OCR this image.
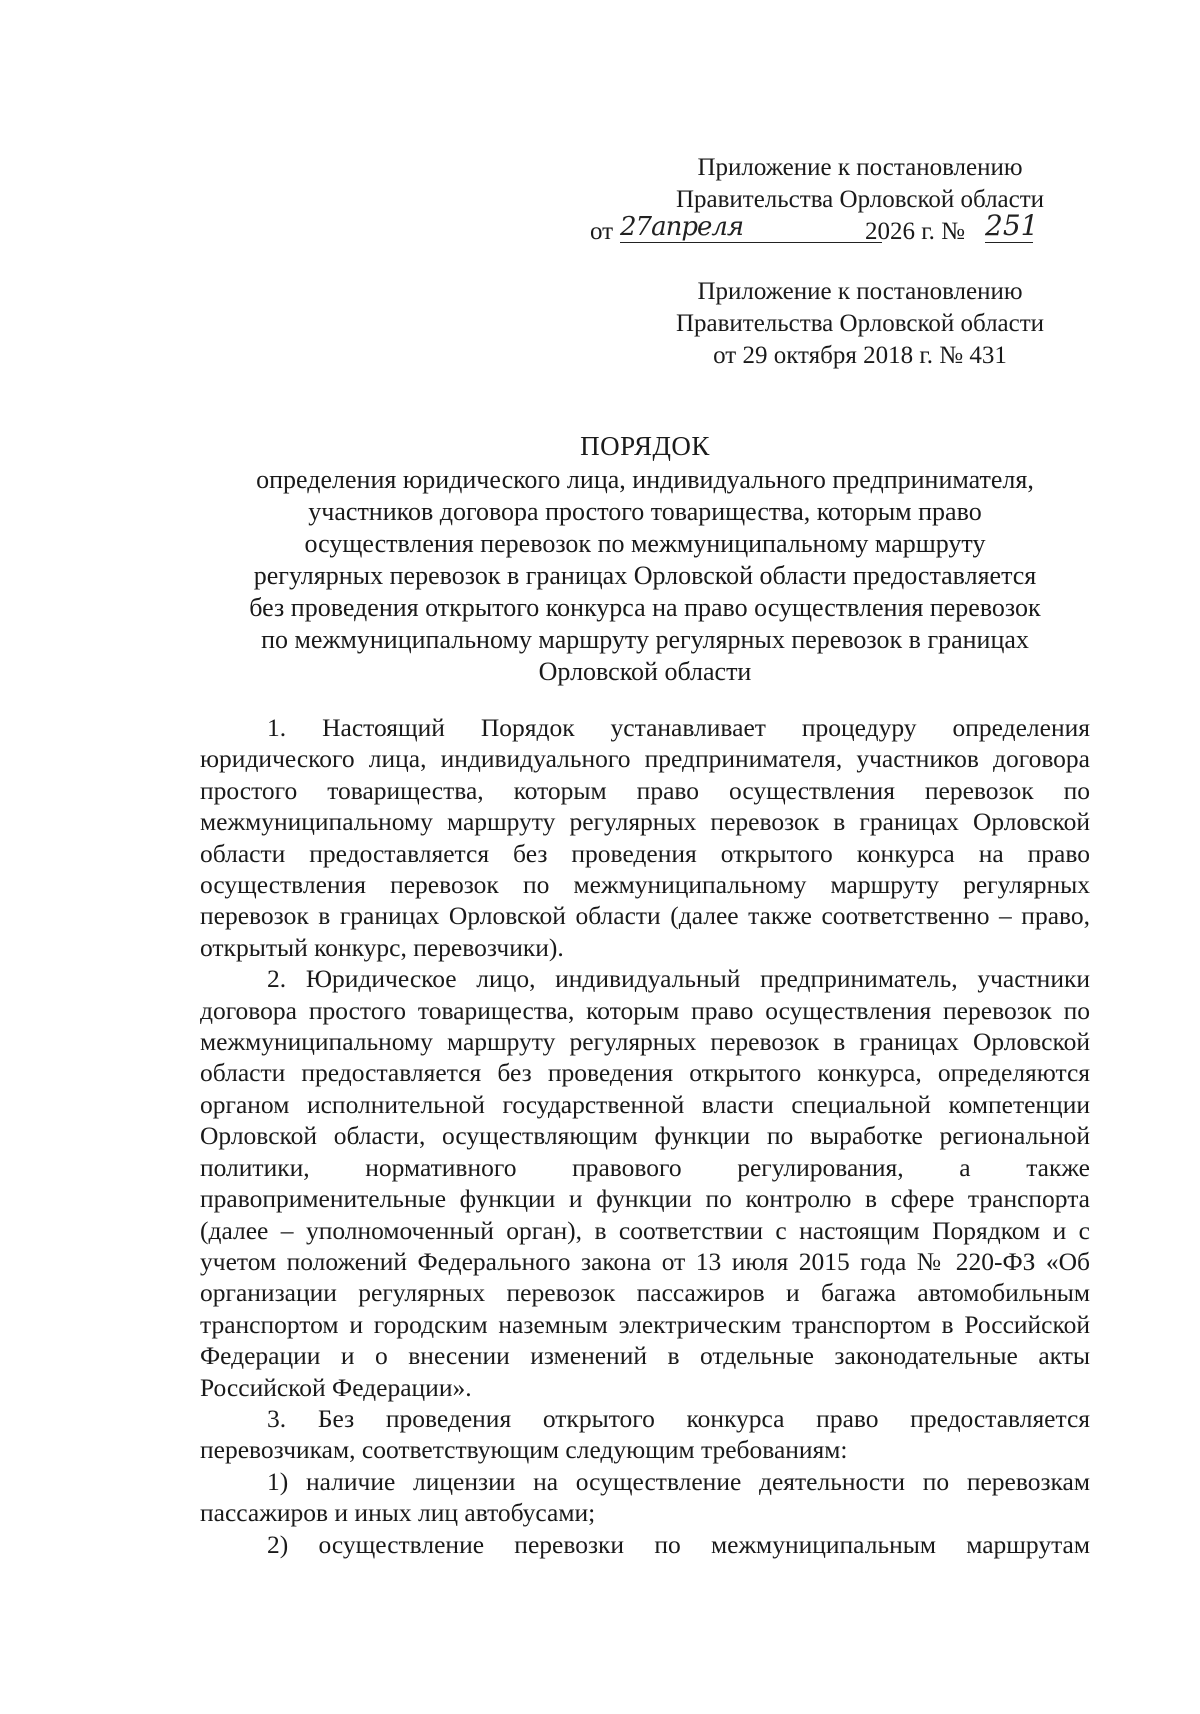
Приложение к постановлению
Правительства Орловской области
от 27апреля	2026 г. № 251
Приложение к постановлению
Правительства Орловской области
от 29 октября 2018 г. № 431
ПОРЯДОК
определения юридического лица, индивидуального предпринимателя, участников договора простого товарищества, которым право осуществления перевозок по межмуниципальному маршруту регулярных перевозок в границах Орловской области предоставляется без проведения открытого конкурса на право осуществления перевозок по межмуниципальному маршруту регулярных перевозок в границах Орловской области

1. Настоящий Порядок устанавливает процедуру определения юридического лица, индивидуального предпринимателя, участников договора простого товарищества, которым право осуществления перевозок по межмуниципальному маршруту регулярных перевозок в границах Орловской области предоставляется без проведения открытого конкурса на право осуществления перевозок по межмуниципальному маршруту регулярных перевозок в границах Орловской области (далее также соответственно – право, открытый конкурс, перевозчики).

2. Юридическое лицо, индивидуальный предприниматель, участники договора простого товарищества, которым право осуществления перевозок по межмуниципальному маршруту регулярных перевозок в границах Орловской области предоставляется без проведения открытого конкурса, определяются органом исполнительной государственной власти специальной компетенции Орловской области, осуществляющим функции по выработке региональной политики, нормативного правового регулирования, а также правоприменительные функции и функции по контролю в сфере транспорта (далее – уполномоченный орган), в соответствии с настоящим Порядком и с учетом положений Федерального закона от 13 июля 2015 года № 220-ФЗ «Об организации регулярных перевозок пассажиров и багажа автомобильным транспортом и городским наземным электрическим транспортом в Российской Федерации и о внесении изменений в отдельные законодательные акты Российской Федерации».

3. Без проведения открытого конкурса право предоставляется перевозчикам, соответствующим следующим требованиям:

1) наличие лицензии на осуществление деятельности по перевозкам пассажиров и иных лиц автобусами;

2) осуществление перевозки по межмуниципальным маршрутам
